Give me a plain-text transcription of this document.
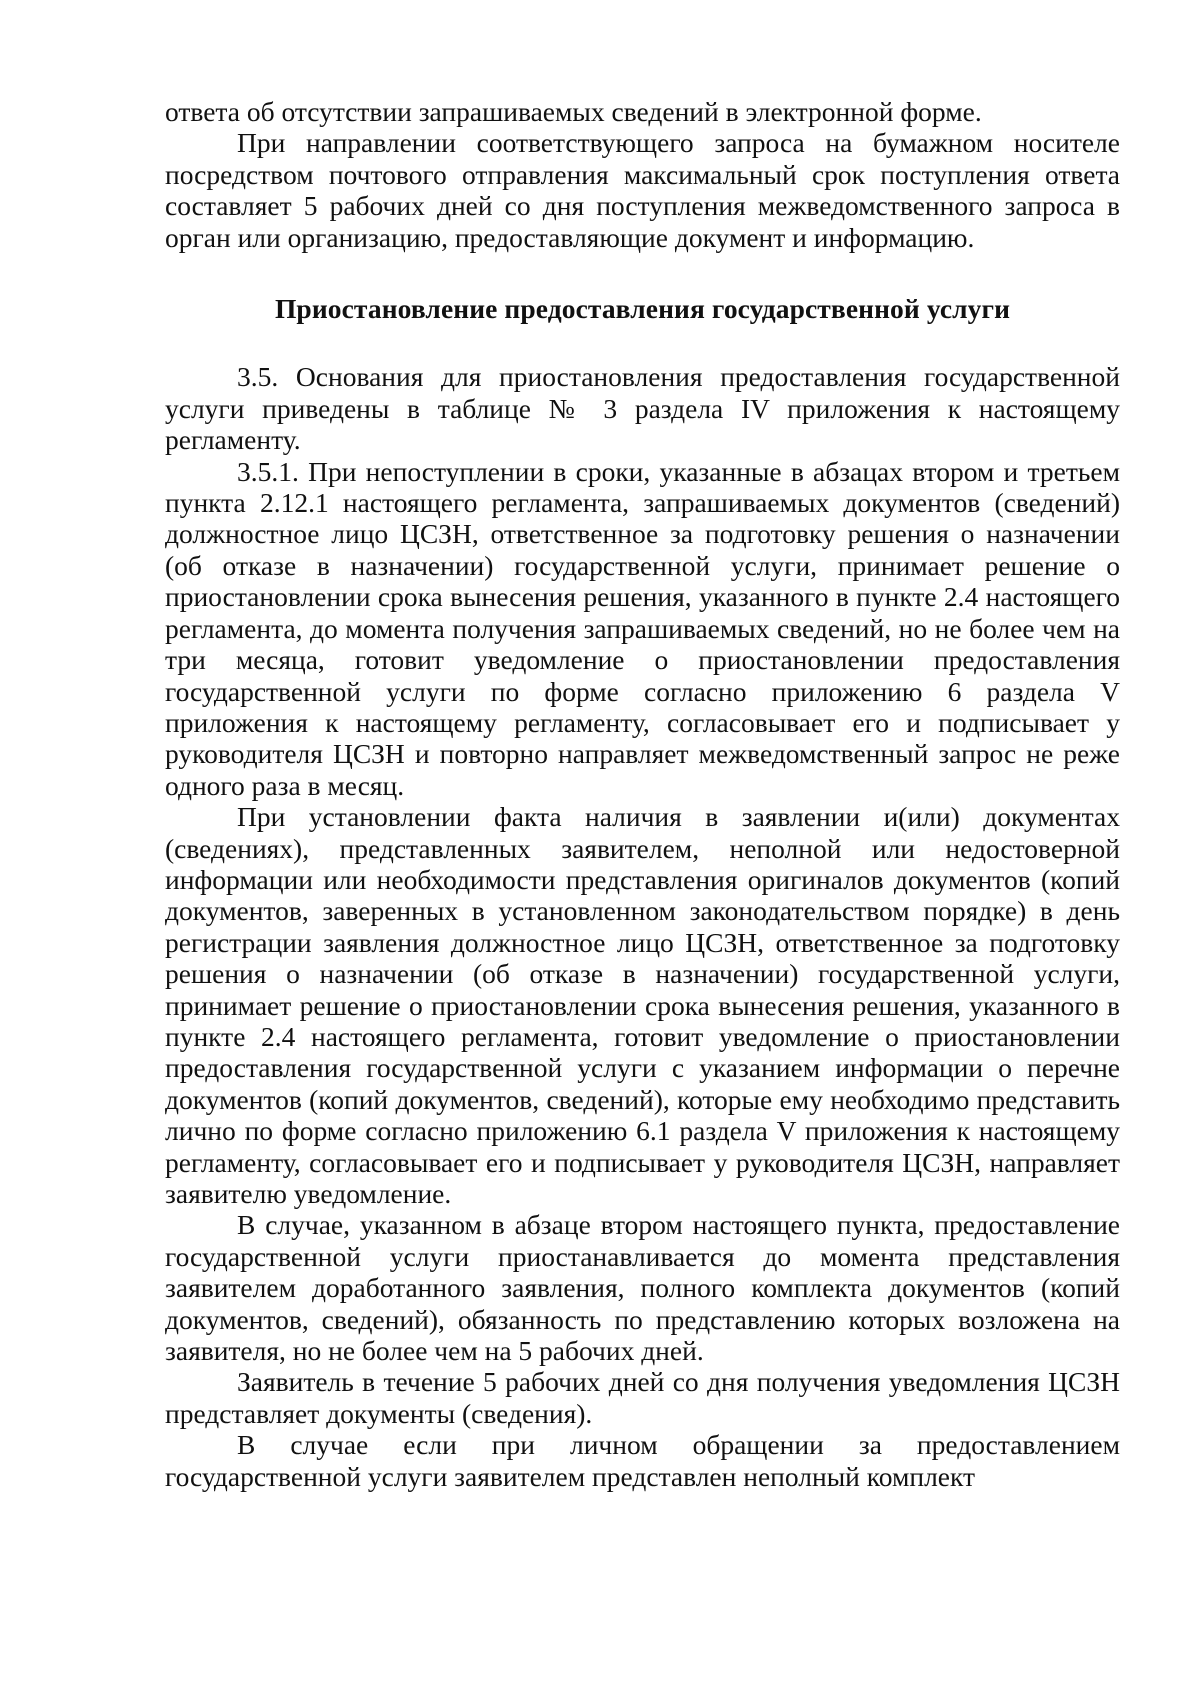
ответа об отсутствии запрашиваемых сведений в электронной форме.

При направлении соответствующего запроса на бумажном носителе посредством почтового отправления максимальный срок поступления ответа составляет 5 рабочих дней со дня поступления межведомственного запроса в орган или организацию, предоставляющие документ и информацию.

Приостановление предоставления государственной услуги

3.5. Основания для приостановления предоставления государственной услуги приведены в таблице № 3 раздела IV приложения к настоящему регламенту.

3.5.1. При непоступлении в сроки, указанные в абзацах втором и третьем пункта 2.12.1 настоящего регламента, запрашиваемых документов (сведений) должностное лицо ЦСЗН, ответственное за подготовку решения о назначении (об отказе в назначении) государственной услуги, принимает решение о приостановлении срока вынесения решения, указанного в пункте 2.4 настоящего регламента, до момента получения запрашиваемых сведений, но не более чем на три месяца, готовит уведомление о приостановлении предоставления государственной услуги по форме согласно приложению 6 раздела V приложения к настоящему регламенту, согласовывает его и подписывает у руководителя ЦСЗН и повторно направляет межведомственный запрос не реже одного раза в месяц.

При установлении факта наличия в заявлении и(или) документах (сведениях), представленных заявителем, неполной или недостоверной информации или необходимости представления оригиналов документов (копий документов, заверенных в установленном законодательством порядке) в день регистрации заявления должностное лицо ЦСЗН, ответственное за подготовку решения о назначении (об отказе в назначении) государственной услуги, принимает решение о приостановлении срока вынесения решения, указанного в пункте 2.4 настоящего регламента, готовит уведомление о приостановлении предоставления государственной услуги с указанием информации о перечне документов (копий документов, сведений), которые ему необходимо представить лично по форме согласно приложению 6.1 раздела V приложения к настоящему регламенту, согласовывает его и подписывает у руководителя ЦСЗН, направляет заявителю уведомление.

В случае, указанном в абзаце втором настоящего пункта, предоставление государственной услуги приостанавливается до момента представления заявителем доработанного заявления, полного комплекта документов (копий документов, сведений), обязанность по представлению которых возложена на заявителя, но не более чем на 5 рабочих дней.

Заявитель в течение 5 рабочих дней со дня получения уведомления ЦСЗН представляет документы (сведения).

В случае если при личном обращении за предоставлением государственной услуги заявителем представлен неполный комплект
